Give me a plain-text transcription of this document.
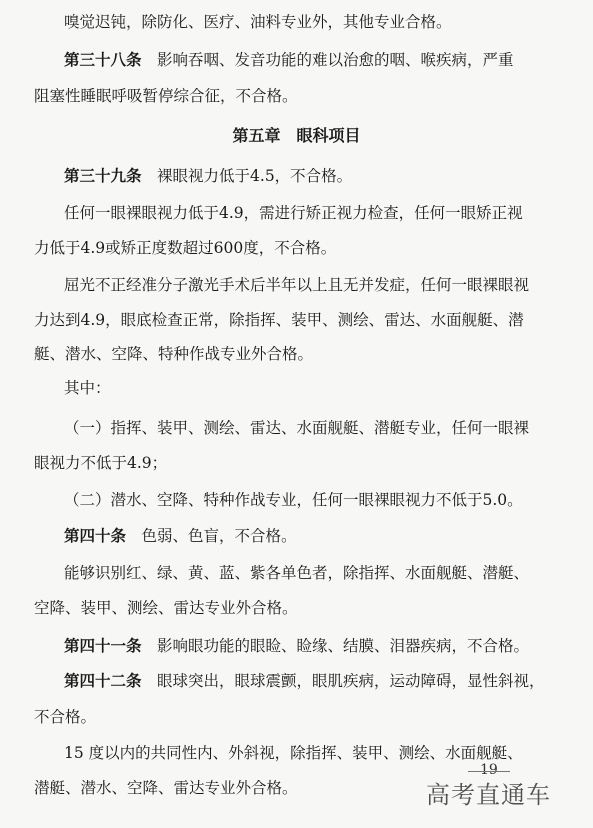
嗅觉迟钝，除防化、医疗、油料专业外，其他专业合格。
第三十八条　 影响吞咽、发音功能的难以治愈的咽、喉疾病，严重
阻塞性睡眠呼吸暂停综合征，不合格。
第五章　眼科项目
第三十九条　 裸眼视力低于4.5，不合格。
任何一眼裸眼视力低于4.9，需进行矫正视力检查，任何一眼矫正视
力低于4.9或矫正度数超过600度，不合格。
屈光不正经准分子激光手术后半年以上且无并发症，任何一眼裸眼视
力达到4.9，眼底检查正常，除指挥、装甲、测绘、雷达、水面舰艇、潜
艇、潜水、空降、特种作战专业外合格。
其中：
（一）指挥、装甲、测绘、雷达、水面舰艇、潜艇专业，任何一眼裸
眼视力不低于4.9；
（二）潜水、空降、特种作战专业，任何一眼裸眼视力不低于5.0。
第四十条　 色弱、色盲，不合格。
能够识别红、绿、黄、蓝、紫各单色者，除指挥、水面舰艇、潜艇、
空降、装甲、测绘、雷达专业外合格。
第四十一条　 影响眼功能的眼睑、睑缘、结膜、泪器疾病，不合格。
第四十二条　 眼球突出，眼球震颤，眼肌疾病，运动障碍，显性斜视，
不合格。
15 度以内的共同性内、外斜视，除指挥、装甲、测绘、水面舰艇、
潜艇、潜水、空降、雷达专业外合格。
19
高考直通车
